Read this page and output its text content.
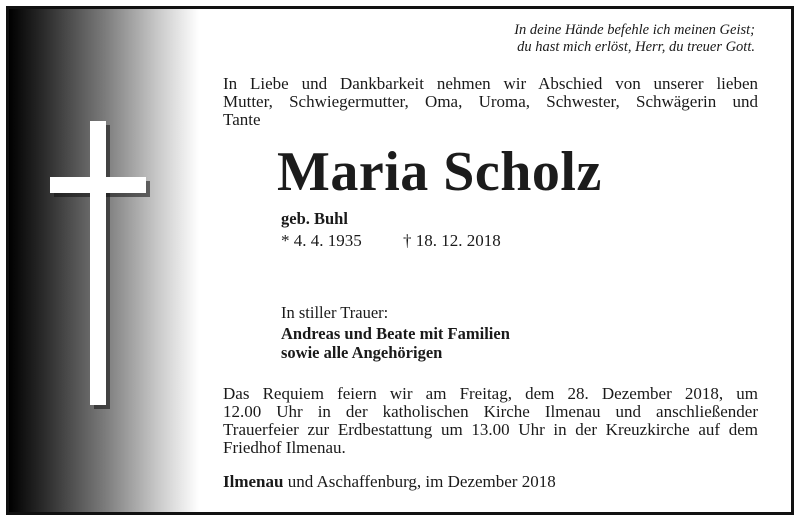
In deine Hände befehle ich meinen Geist;
du hast mich erlöst, Herr, du treuer Gott.
In Liebe und Dankbarkeit nehmen wir Abschied von unserer lieben
Mutter, Schwiegermutter, Oma, Uroma, Schwester, Schwägerin und
Tante
Maria Scholz
geb. Buhl
* 4. 4. 1935 † 18. 12. 2018
In stiller Trauer:
Andreas und Beate mit Familien
sowie alle Angehörigen
Das Requiem feiern wir am Freitag, dem 28. Dezember 2018, um
12.00 Uhr in der katholischen Kirche Ilmenau und anschließender
Trauerfeier zur Erdbestattung um 13.00 Uhr in der Kreuzkirche auf dem
Friedhof Ilmenau.
Ilmenau und Aschaffenburg, im Dezember 2018
